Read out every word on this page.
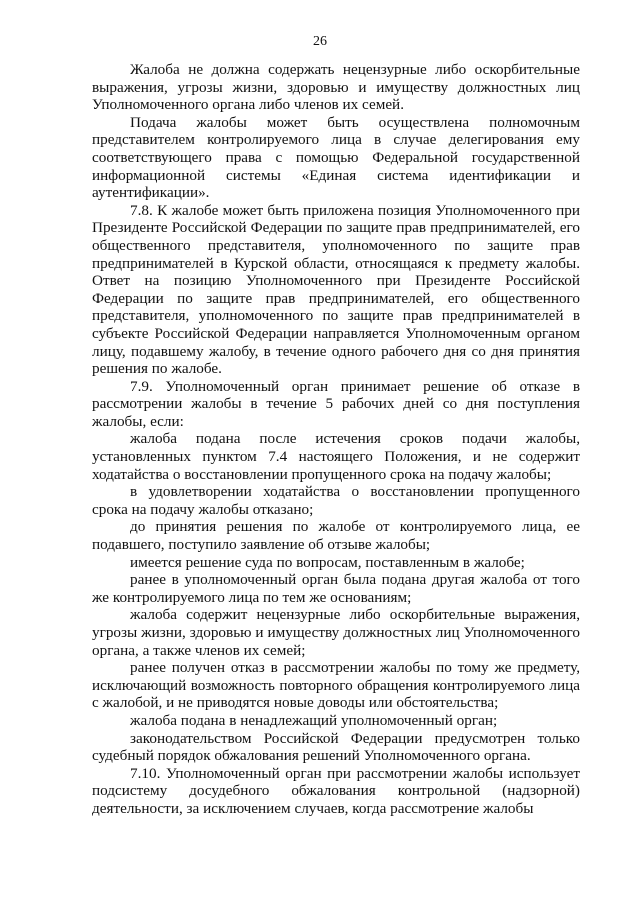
26

Жалоба не должна содержать нецензурные либо оскорбительные выражения, угрозы жизни, здоровью и имуществу должностных лиц Уполномоченного органа либо членов их семей.

Подача жалобы может быть осуществлена полномочным представителем контролируемого лица в случае делегирования ему соответствующего права с помощью Федеральной государственной информационной системы «Единая система идентификации и аутентификации».

7.8. К жалобе может быть приложена позиция Уполномоченного при Президенте Российской Федерации по защите прав предпринимателей, его общественного представителя, уполномоченного по защите прав предпринимателей в Курской области, относящаяся к предмету жалобы. Ответ на позицию Уполномоченного при Президенте Российской Федерации по защите прав предпринимателей, его общественного представителя, уполномоченного по защите прав предпринимателей в субъекте Российской Федерации направляется Уполномоченным органом лицу, подавшему жалобу, в течение одного рабочего дня со дня принятия решения по жалобе.

7.9. Уполномоченный орган принимает решение об отказе в рассмотрении жалобы в течение 5 рабочих дней со дня поступления жалобы, если:

жалоба подана после истечения сроков подачи жалобы, установленных пунктом 7.4 настоящего Положения, и не содержит ходатайства о восстановлении пропущенного срока на подачу жалобы;

в удовлетворении ходатайства о восстановлении пропущенного срока на подачу жалобы отказано;

до принятия решения по жалобе от контролируемого лица, ее подавшего, поступило заявление об отзыве жалобы;

имеется решение суда по вопросам, поставленным в жалобе;

ранее в уполномоченный орган была подана другая жалоба от того же контролируемого лица по тем же основаниям;

жалоба содержит нецензурные либо оскорбительные выражения, угрозы жизни, здоровью и имуществу должностных лиц Уполномоченного органа, а также членов их семей;

ранее получен отказ в рассмотрении жалобы по тому же предмету, исключающий возможность повторного обращения контролируемого лица с жалобой, и не приводятся новые доводы или обстоятельства;

жалоба подана в ненадлежащий уполномоченный орган;

законодательством Российской Федерации предусмотрен только судебный порядок обжалования решений Уполномоченного органа.

7.10. Уполномоченный орган при рассмотрении жалобы использует подсистему досудебного обжалования контрольной (надзорной) деятельности, за исключением случаев, когда рассмотрение жалобы
